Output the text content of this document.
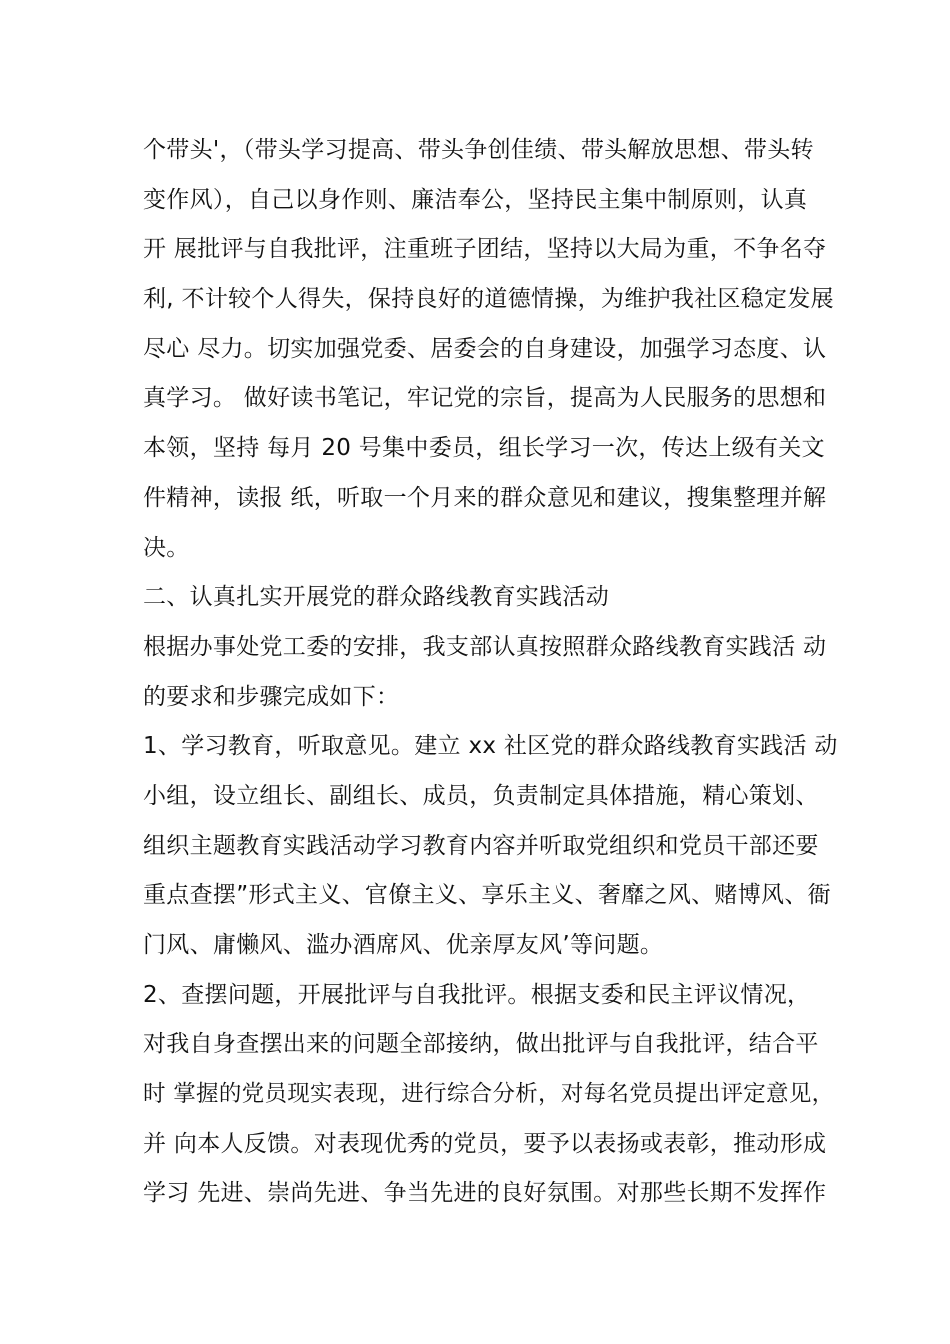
个带头'，（带头学习提高、带头争创佳绩、带头解放思想、带头转
变作风），自己以身作则、廉洁奉公，坚持民主集中制原则，认真
开 展批评与自我批评，注重班子团结，坚持以大局为重，不争名夺
利, 不计较个人得失，保持良好的道德情操，为维护我社区稳定发展
尽心 尽力。切实加强党委、居委会的自身建设，加强学习态度、认
真学习。 做好读书笔记，牢记党的宗旨，提高为人民服务的思想和
本领，坚持 每月 20 号集中委员，组长学习一次，传达上级有关文
件精神，读报 纸，听取一个月来的群众意见和建议，搜集整理并解
决。
二、认真扎实开展党的群众路线教育实践活动
根据办事处党工委的安排，我支部认真按照群众路线教育实践活 动
的要求和步骤完成如下：
1、学习教育，听取意见。建立 xx 社区党的群众路线教育实践活 动
小组，设立组长、副组长、成员，负责制定具体措施，精心策划、
组织主题教育实践活动学习教育内容并听取党组织和党员干部还要
重点查摆”形式主义、官僚主义、享乐主义、奢靡之风、赌博风、衙
门风、庸懒风、滥办酒席风、优亲厚友风’等问题。
2、查摆问题，开展批评与自我批评。根据支委和民主评议情况，
对我自身查摆出来的问题全部接纳，做出批评与自我批评，结合平
时 掌握的党员现实表现，进行综合分析，对每名党员提出评定意见，
并 向本人反馈。对表现优秀的党员，要予以表扬或表彰，推动形成
学习 先进、崇尚先进、争当先进的良好氛围。对那些长期不发挥作
